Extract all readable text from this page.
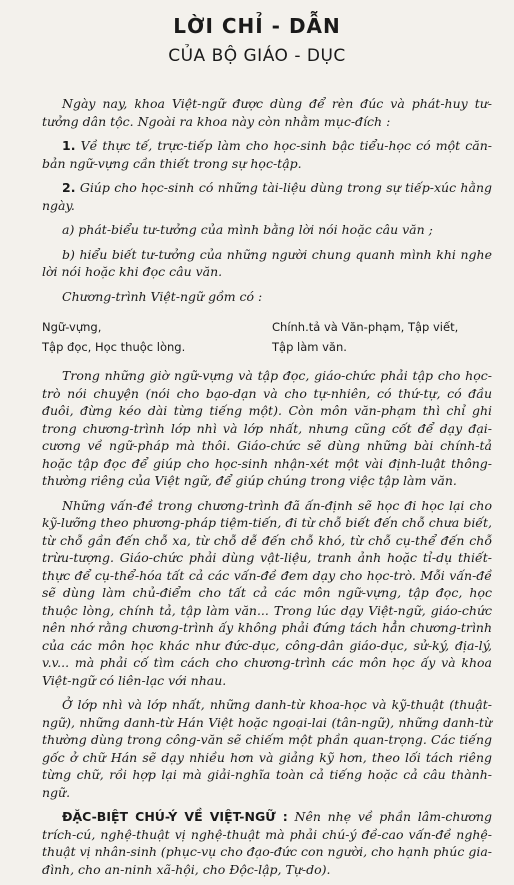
LỜI CHỈ - DẪN
CỦA BỘ GIÁO - DỤC

Ngày nay, khoa Việt-ngữ được dùng để rèn đúc và phát-huy tư-tưởng dân tộc. Ngoài ra khoa này còn nhằm mục-đích :

1. Về thực tế, trực-tiếp làm cho học-sinh bậc tiểu-học có một căn-bản ngữ-vựng cần thiết trong sự học-tập.

2. Giúp cho học-sinh có những tài-liệu dùng trong sự tiếp-xúc hằng ngày.

a) phát-biểu tư-tưởng của mình bằng lời nói hoặc câu văn ;

b) hiểu biết tư-tưởng của những người chung quanh mình khi nghe lời nói hoặc khi đọc câu văn.

Chương-trình Việt-ngữ gồm có :

Ngữ-vựng,	Chính.tả và Văn-phạm, Tập viết,
Tập đọc, Học thuộc lòng.	Tập làm văn.

Trong những giờ ngữ-vựng và tập đọc, giáo-chức phải tập cho học-trò nói chuyện (nói cho bạo-dạn và cho tự-nhiên, có thứ-tự, có đầu đuôi, đừng kéo dài từng tiếng một). Còn môn văn-phạm thì chỉ ghi trong chương-trình lớp nhì và lớp nhất, nhưng cũng cốt để dạy đại-cương về ngữ-pháp mà thôi. Giáo-chức sẽ dùng những bài chính-tả hoặc tập đọc để giúp cho học-sinh nhận-xét một vài định-luật thông-thường riêng của Việt ngữ, để giúp chúng trong việc tập làm văn.

Những vấn-đề trong chương-trình đã ấn-định sẽ học đi học lại cho kỹ-lưỡng theo phương-pháp tiệm-tiến, đi từ chỗ biết đến chỗ chưa biết, từ chỗ gần đến chỗ xa, từ chỗ dễ đến chỗ khó, từ chỗ cụ-thể đến chỗ trừu-tượng. Giáo-chức phải dùng vật-liệu, tranh ảnh hoặc tỉ-dụ thiết-thực để cụ-thể-hóa tất cả các vấn-đề đem dạy cho học-trò. Mỗi vấn-đề sẽ dùng làm chủ-điểm cho tất cả các môn ngữ-vựng, tập đọc, học thuộc lòng, chính tả, tập làm văn... Trong lúc dạy Việt-ngữ, giáo-chức nên nhớ rằng chương-trình ấy không phải đứng tách hẳn chương-trình của các môn học khác như đức-dục, công-dân giáo-dục, sử-ký, địa-lý, v.v... mà phải cố tìm cách cho chương-trình các môn học ấy và khoa Việt-ngữ có liên-lạc với nhau.

Ở lớp nhì và lớp nhất, những danh-từ khoa-học và kỹ-thuật (thuật-ngữ), những danh-từ Hán Việt hoặc ngoại-lai (tân-ngữ), những danh-từ thường dùng trong công-văn sẽ chiếm một phần quan-trọng. Các tiếng gốc ở chữ Hán sẽ dạy nhiều hơn và giảng kỹ hơn, theo lối tách riêng từng chữ, rồi hợp lại mà giải-nghĩa toàn cả tiếng hoặc cả câu thành-ngữ.

ĐẶC-BIỆT CHÚ-Ý VỀ VIỆT-NGỮ : Nên nhẹ về phần lâm-chương trích-cú, nghệ-thuật vị nghệ-thuật mà phải chú-ý đề-cao vấn-đề nghệ-thuật vị nhân-sinh (phục-vụ cho đạo-đức con người, cho hạnh phúc gia-đình, cho an-ninh xã-hội, cho Độc-lập, Tự-do).
